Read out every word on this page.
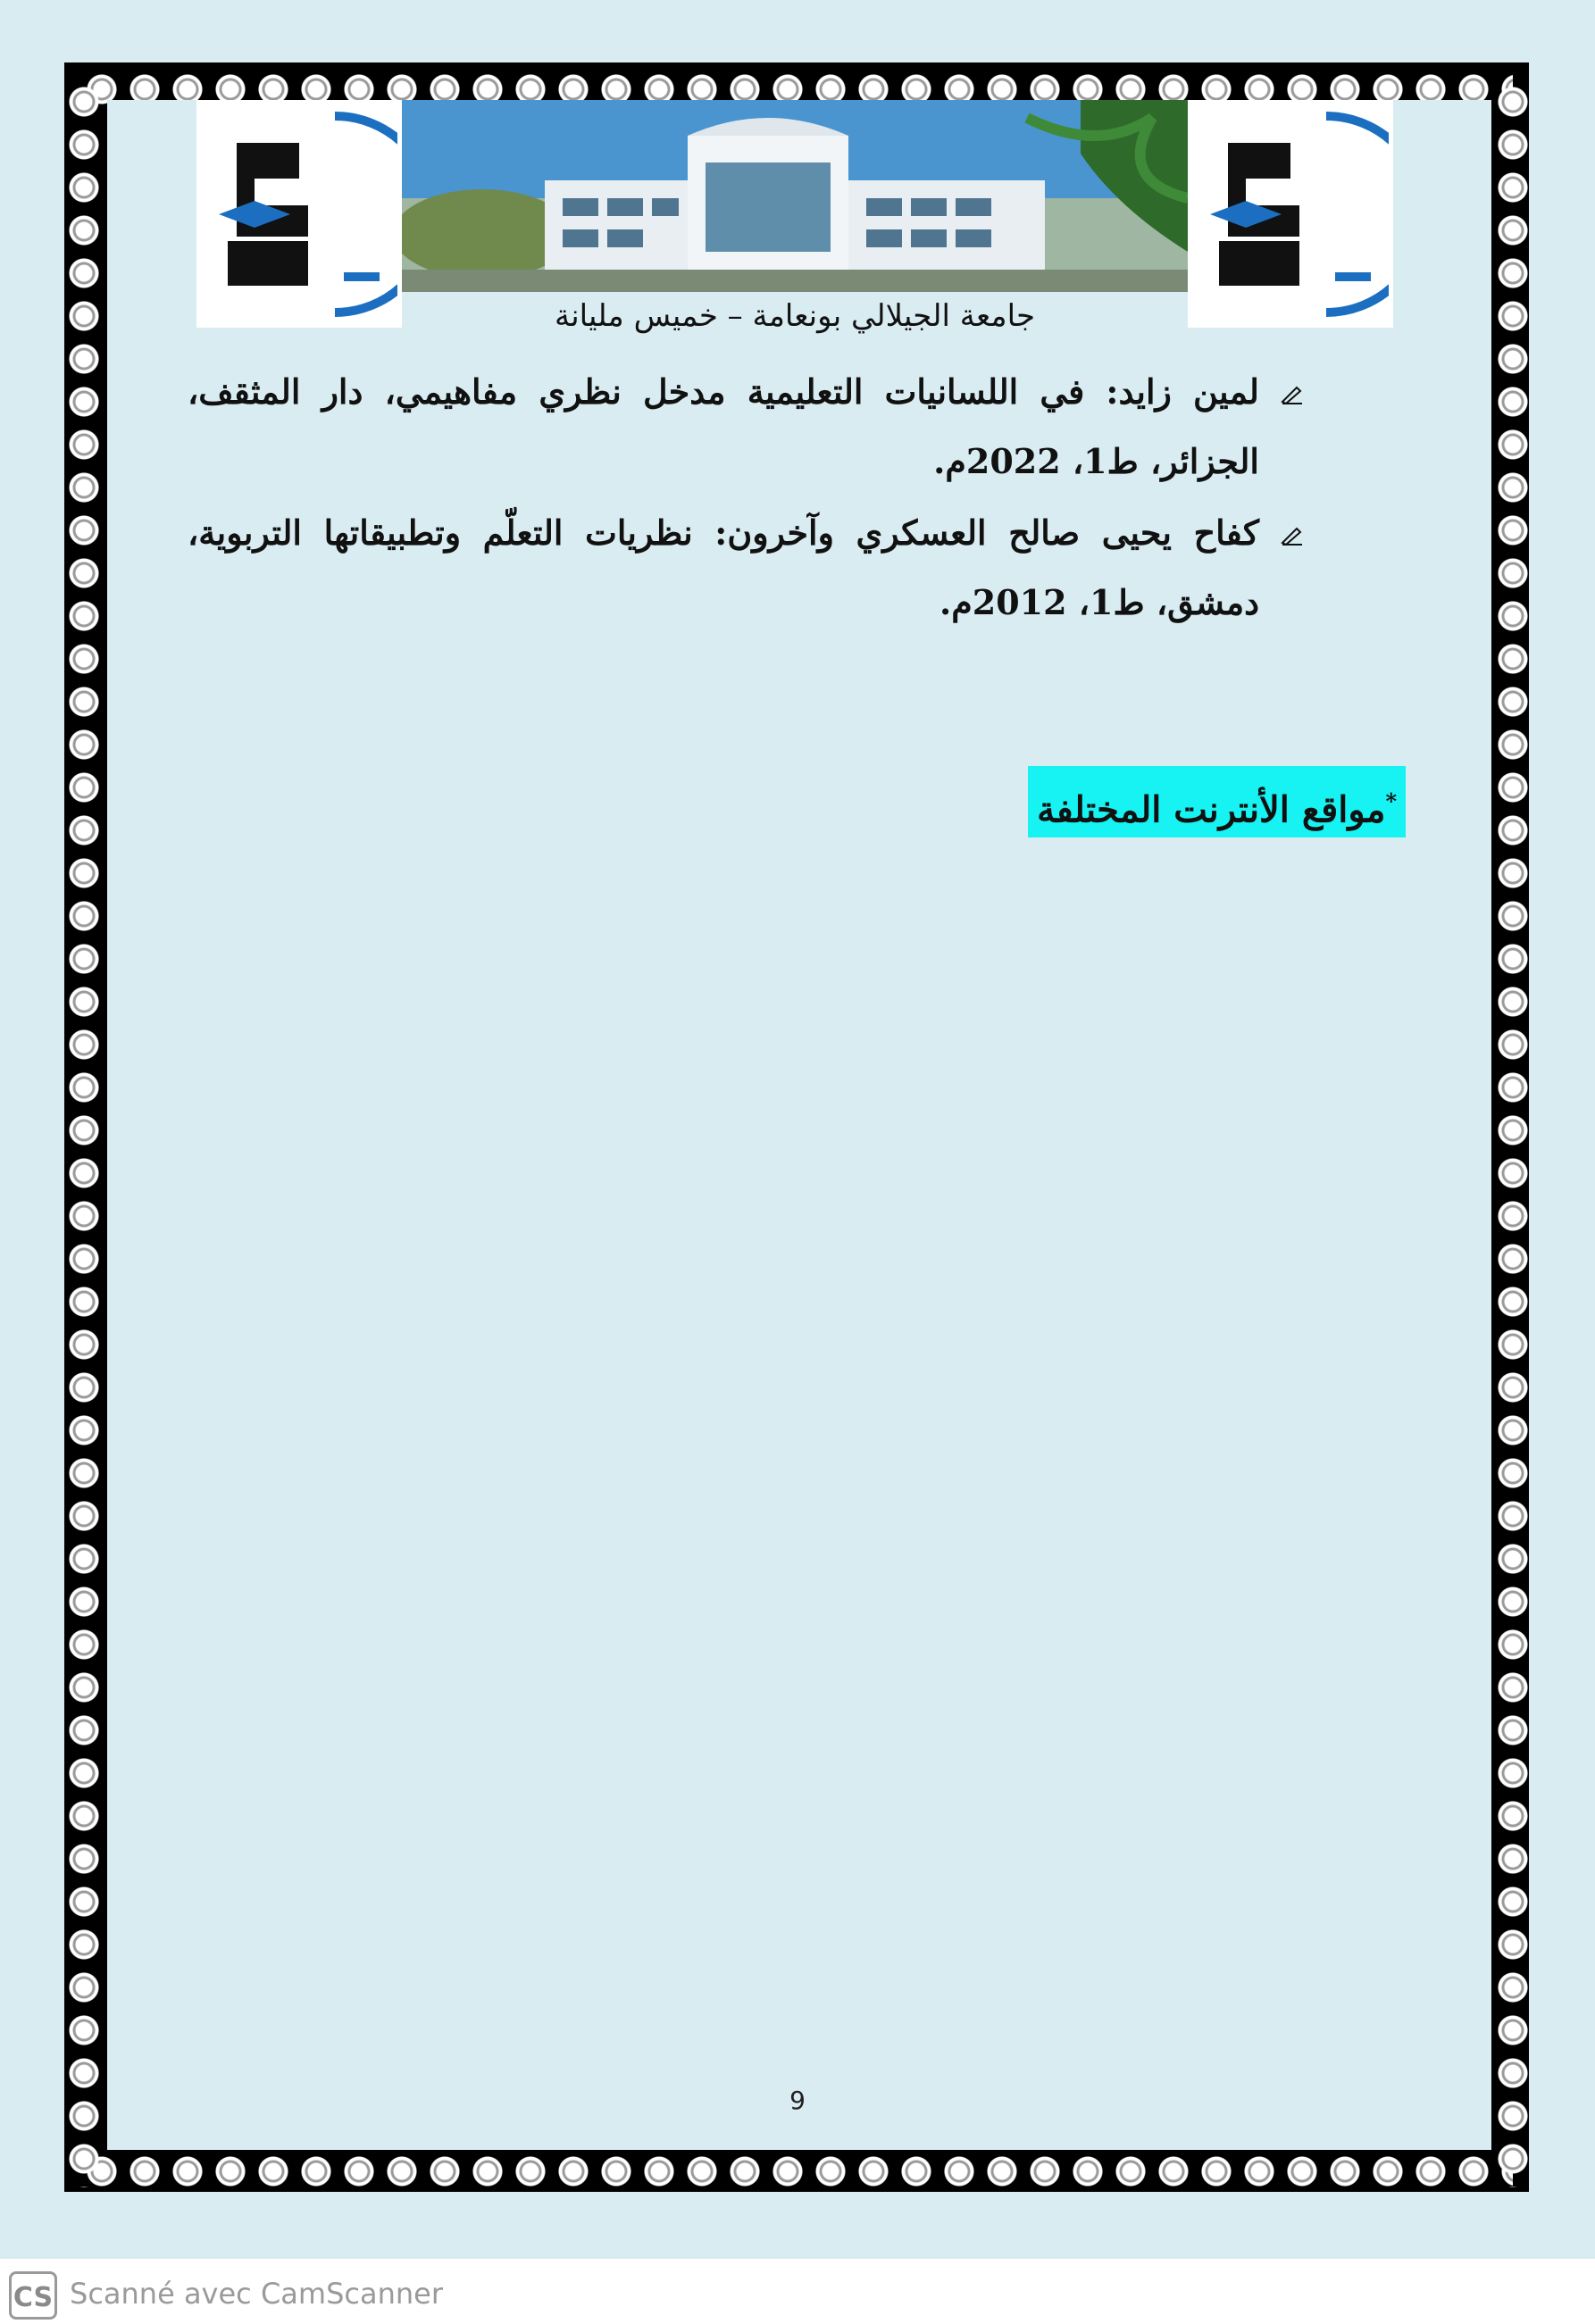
جامعة الجيلالي بونعامة – خميس مليانة
لمين زايد: في اللسانيات التعليمية مدخل نظري مفاهيمي، دار المثقف، الجزائر، ط1، 2022م.
كفاح يحيى صالح العسكري وآخرون: نظريات التعلّم وتطبيقاتها التربوية، دمشق، ط1، 2012م.
*مواقع الأنترنت المختلفة
9
CS Scanné avec CamScanner
